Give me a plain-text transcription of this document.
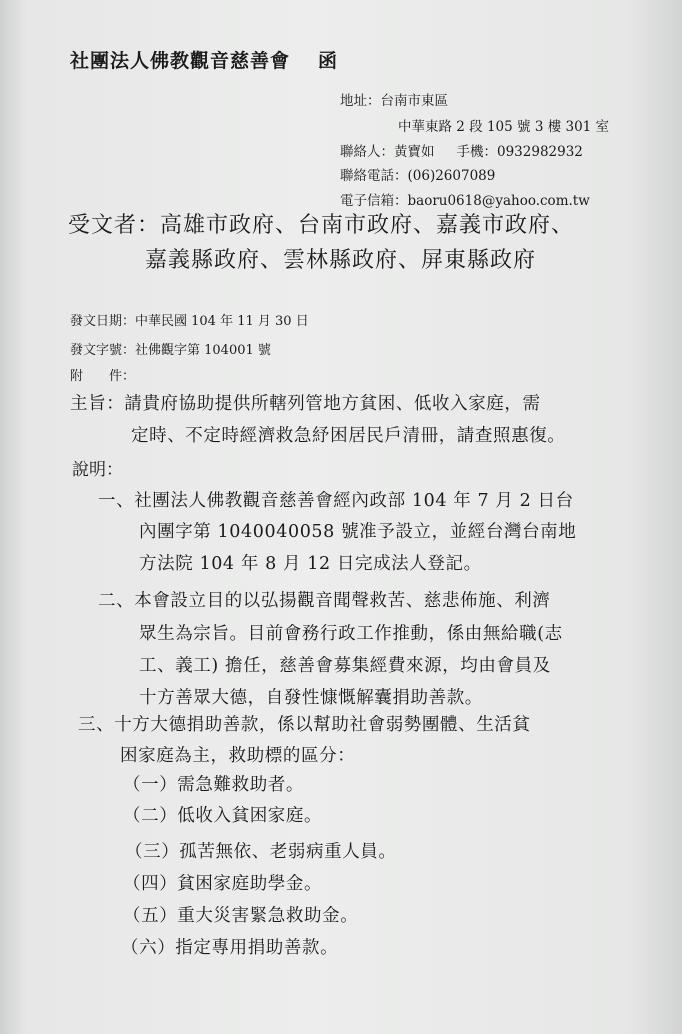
社團法人佛教觀音慈善會 函
地址：台南市東區
中華東路 2 段 105 號 3 樓 301 室
聯絡人：黃寶如 手機：0932982932
聯絡電話：(06)2607089
電子信箱：baoru0618@yahoo.com.tw
受文者：高雄市政府、台南市政府、嘉義市政府、
嘉義縣政府、雲林縣政府、屏東縣政府
發文日期：中華民國 104 年 11 月 30 日
發文字號：社佛觀字第 104001 號
附　　件：
主旨：請貴府協助提供所轄列管地方貧困、低收入家庭，需
定時、不定時經濟救急紓困居民戶清冊，請查照惠復。
說明：
一、社團法人佛教觀音慈善會經內政部 104 年 7 月 2 日台
內團字第 1040040058 號准予設立，並經台灣台南地
方法院 104 年 8 月 12 日完成法人登記。
二、本會設立目的以弘揚觀音聞聲救苦、慈悲佈施、利濟
眾生為宗旨。目前會務行政工作推動，係由無給職(志
工、義工) 擔任，慈善會募集經費來源，均由會員及
十方善眾大德，自發性慷慨解囊捐助善款。
三、十方大德捐助善款，係以幫助社會弱勢團體、生活貧
困家庭為主，救助標的區分：
（一）需急難救助者。
（二）低收入貧困家庭。
（三）孤苦無依、老弱病重人員。
（四）貧困家庭助學金。
（五）重大災害緊急救助金。
（六）指定專用捐助善款。
